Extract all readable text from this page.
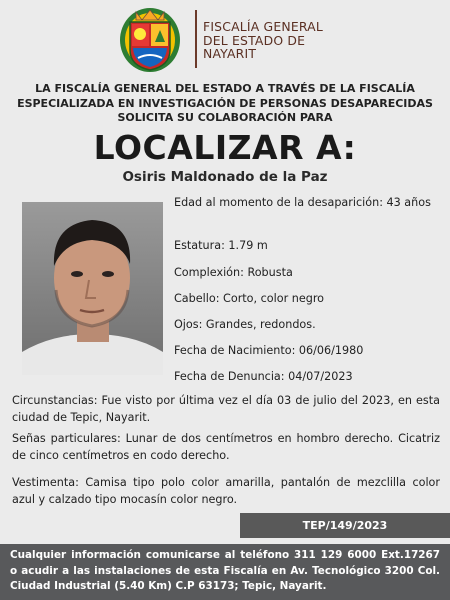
FISCALÍA GENERAL
DEL ESTADO DE
NAYARIT
LA FISCALÍA GENERAL DEL ESTADO A TRAVÉS DE LA FISCALÍA
ESPECIALIZADA EN INVESTIGACIÓN DE PERSONAS DESAPARECIDAS
SOLICITA SU COLABORACIÓN PARA
LOCALIZAR A:
Osiris Maldonado de la Paz
Edad al momento de la desaparición: 43 años
Estatura: 1.79 m
Complexión: Robusta
Cabello: Corto, color negro
Ojos: Grandes, redondos.
Fecha de Nacimiento: 06/06/1980
Fecha de Denuncia: 04/07/2023
Circunstancias: Fue visto por última vez el día 03 de julio del 2023, en esta ciudad de Tepic, Nayarit.
Señas particulares: Lunar de dos centímetros en hombro derecho. Cicatriz de cinco centímetros en codo derecho.
Vestimenta: Camisa tipo polo color amarilla, pantalón de mezclilla color azul y calzado tipo mocasín color negro.
TEP/149/2023
Cualquier información comunicarse al teléfono 311 129 6000 Ext.17267 o acudir a las instalaciones de esta Fiscalía en Av. Tecnológico 3200 Col. Ciudad Industrial (5.40 Km) C.P 63173; Tepic, Nayarit.
